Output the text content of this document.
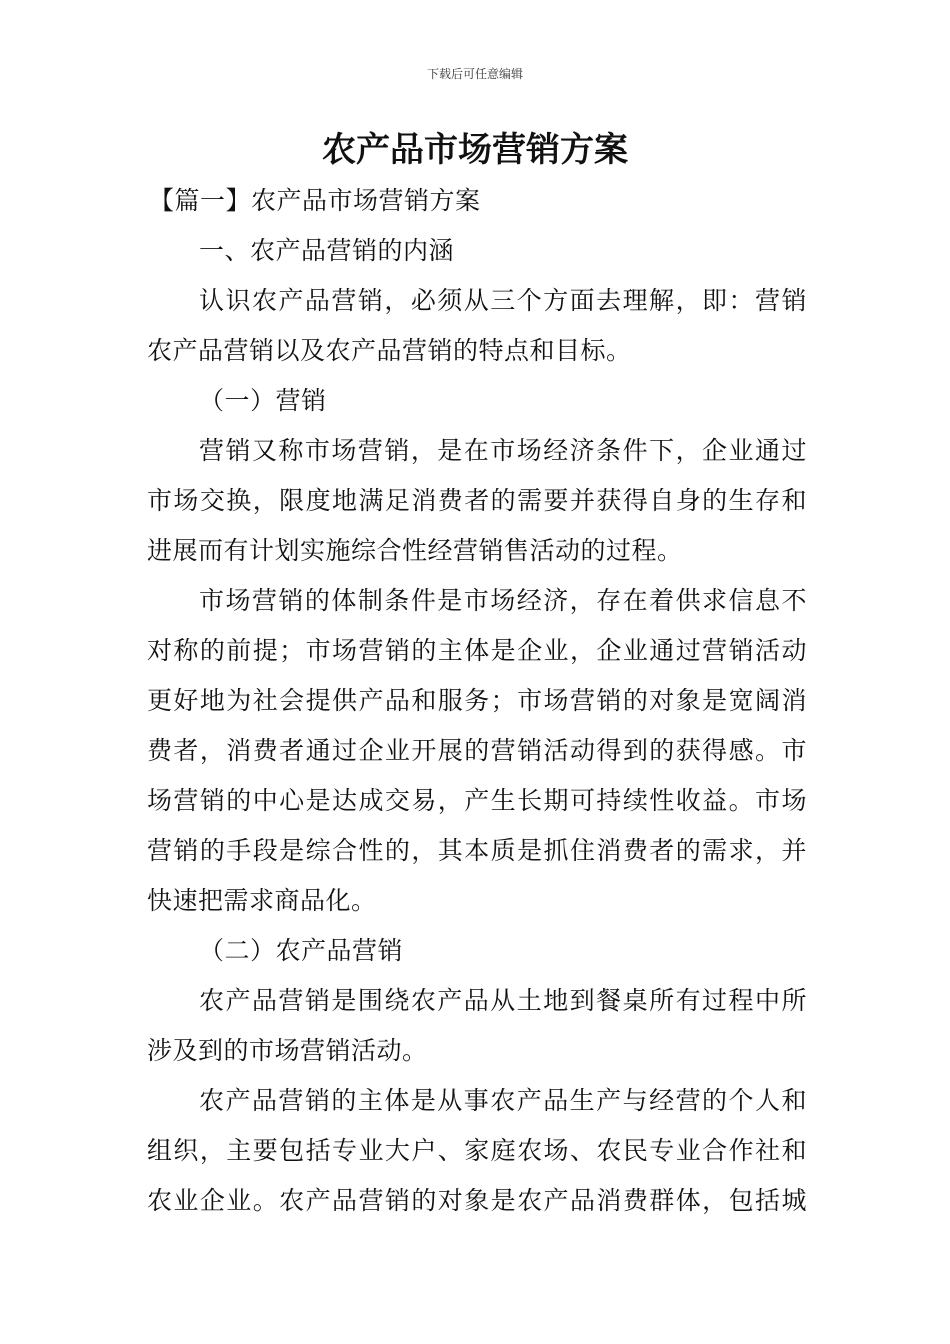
下载后可任意编辑
农产品市场营销方案
【篇一】农产品市场营销方案
一、农产品营销的内涵
认识农产品营销，必须从三个方面去理解，即：营销
农产品营销以及农产品营销的特点和目标。
（一）营销
营销又称市场营销，是在市场经济条件下，企业通过
市场交换，限度地满足消费者的需要并获得自身的生存和
进展而有计划实施综合性经营销售活动的过程。
市场营销的体制条件是市场经济，存在着供求信息不
对称的前提；市场营销的主体是企业，企业通过营销活动
更好地为社会提供产品和服务；市场营销的对象是宽阔消
费者，消费者通过企业开展的营销活动得到的获得感。市
场营销的中心是达成交易，产生长期可持续性收益。市场
营销的手段是综合性的，其本质是抓住消费者的需求，并
快速把需求商品化。
（二）农产品营销
农产品营销是围绕农产品从土地到餐桌所有过程中所
涉及到的市场营销活动。
农产品营销的主体是从事农产品生产与经营的个人和
组织，主要包括专业大户、家庭农场、农民专业合作社和
农业企业。农产品营销的对象是农产品消费群体，包括城
